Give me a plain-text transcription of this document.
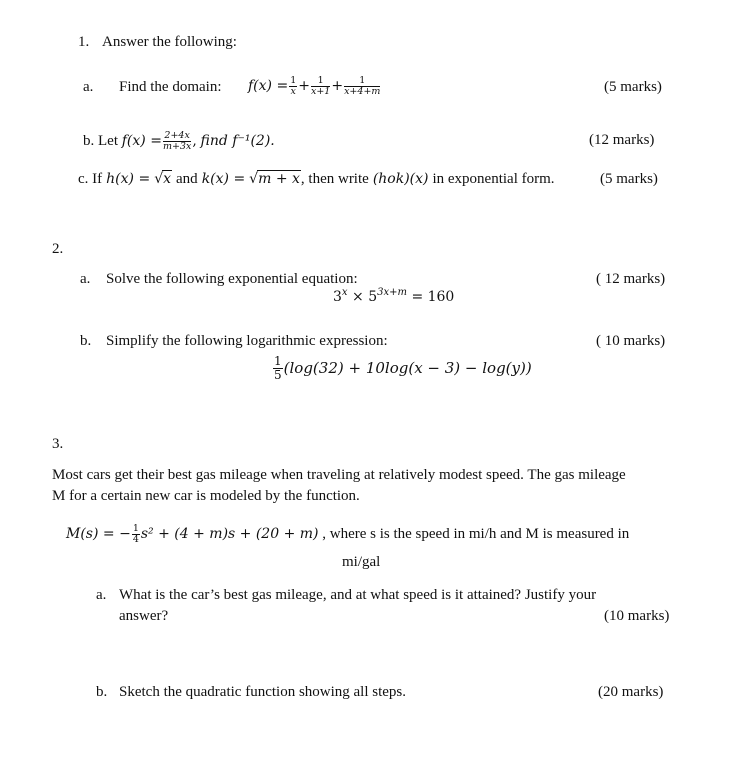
1. Answer the following:
a. Find the domain: $f(x) = \frac{1}{x} + \frac{1}{x+1} + \frac{1}{x+4+m}$	(5 marks)
b. Let
$f(x) = \frac{2+4x}{m+3x}$ ,
find f⁻¹(2).	(12 marks)
c. If h(x) = √x and k(x) = √m + x , then write (hok)(x) in exponential form.	(5 marks)
2.
a. Solve the following exponential equation:	( 12 marks)
$3^x \times 5^{3x+m} = 160$
b. Simplify the following logarithmic expression:	( 10 marks)
$\frac{1}{5} (\log(32) + 10\log(x - 3) - \log(y))$
3.
Most cars get their best gas mileage when traveling at relatively modest speed. The gas mileage
M for a certain new car is modeled by the function.
M(s) = − $\frac{1}{4} s^2 + (4 + m)s + (20 + m)$
, where s is the speed in mi/h and M is measured in
mi/gal
a. What is the car’s best gas mileage, and at what speed is it attained? Justify your
answer?	(10 marks)
b. Sketch the quadratic function showing all steps.	(20 marks)
